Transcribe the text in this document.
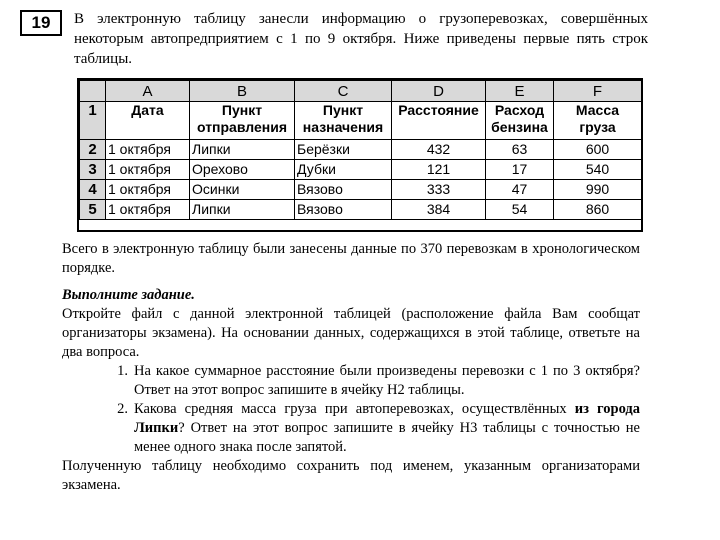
19	В электронную таблицу занесли информацию о грузоперевозках, совершённых некоторым автопредприятием с 1 по 9 октября. Ниже приведены первые пять строк таблицы.

	A	B	C	D	E	F
1	Дата	Пункт отправления	Пункт назначения	Расстояние	Расход бензина	Масса груза
2	1 октября	Липки	Берёзки	432	63	600
3	1 октября	Орехово	Дубки	121	17	540
4	1 октября	Осинки	Вязово	333	47	990
5	1 октября	Липки	Вязово	384	54	860

Всего в электронную таблицу были занесены данные по 370 перевозкам в хронологическом порядке.

Выполните задание.

Откройте файл с данной электронной таблицей (расположение файла Вам сообщат организаторы экзамена). На основании данных, содержащихся в этой таблице, ответьте на два вопроса.

1. На какое суммарное расстояние были произведены перевозки с 1 по 3 октября? Ответ на этот вопрос запишите в ячейку H2 таблицы.
2. Какова средняя масса груза при автоперевозках, осуществлённых из города Липки? Ответ на этот вопрос запишите в ячейку H3 таблицы с точностью не менее одного знака после запятой.

Полученную таблицу необходимо сохранить под именем, указанным организаторами экзамена.
